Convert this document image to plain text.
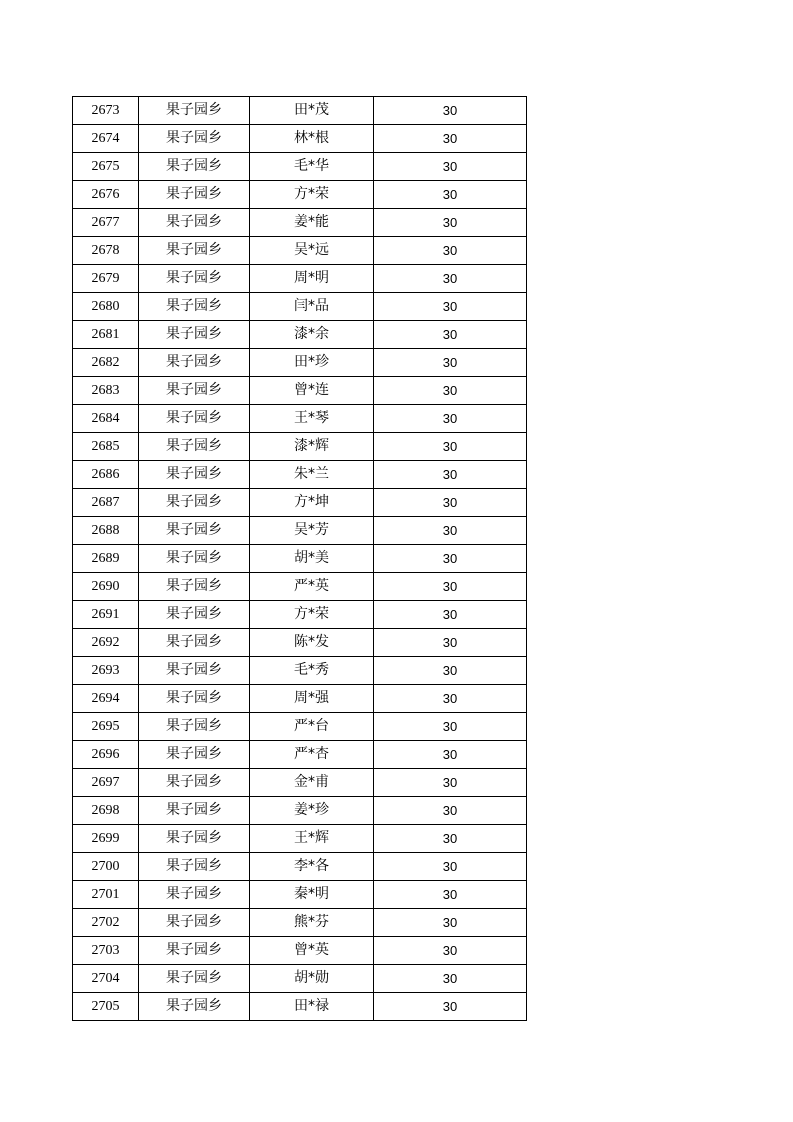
2673	果子园乡	田*茂	30
2674	果子园乡	林*根	30
2675	果子园乡	毛*华	30
2676	果子园乡	方*荣	30
2677	果子园乡	姜*能	30
2678	果子园乡	吴*远	30
2679	果子园乡	周*明	30
2680	果子园乡	闫*品	30
2681	果子园乡	漆*余	30
2682	果子园乡	田*珍	30
2683	果子园乡	曾*连	30
2684	果子园乡	王*琴	30
2685	果子园乡	漆*辉	30
2686	果子园乡	朱*兰	30
2687	果子园乡	方*坤	30
2688	果子园乡	吴*芳	30
2689	果子园乡	胡*美	30
2690	果子园乡	严*英	30
2691	果子园乡	方*荣	30
2692	果子园乡	陈*发	30
2693	果子园乡	毛*秀	30
2694	果子园乡	周*强	30
2695	果子园乡	严*台	30
2696	果子园乡	严*杏	30
2697	果子园乡	金*甫	30
2698	果子园乡	姜*珍	30
2699	果子园乡	王*辉	30
2700	果子园乡	李*各	30
2701	果子园乡	秦*明	30
2702	果子园乡	熊*芬	30
2703	果子园乡	曾*英	30
2704	果子园乡	胡*勋	30
2705	果子园乡	田*禄	30
